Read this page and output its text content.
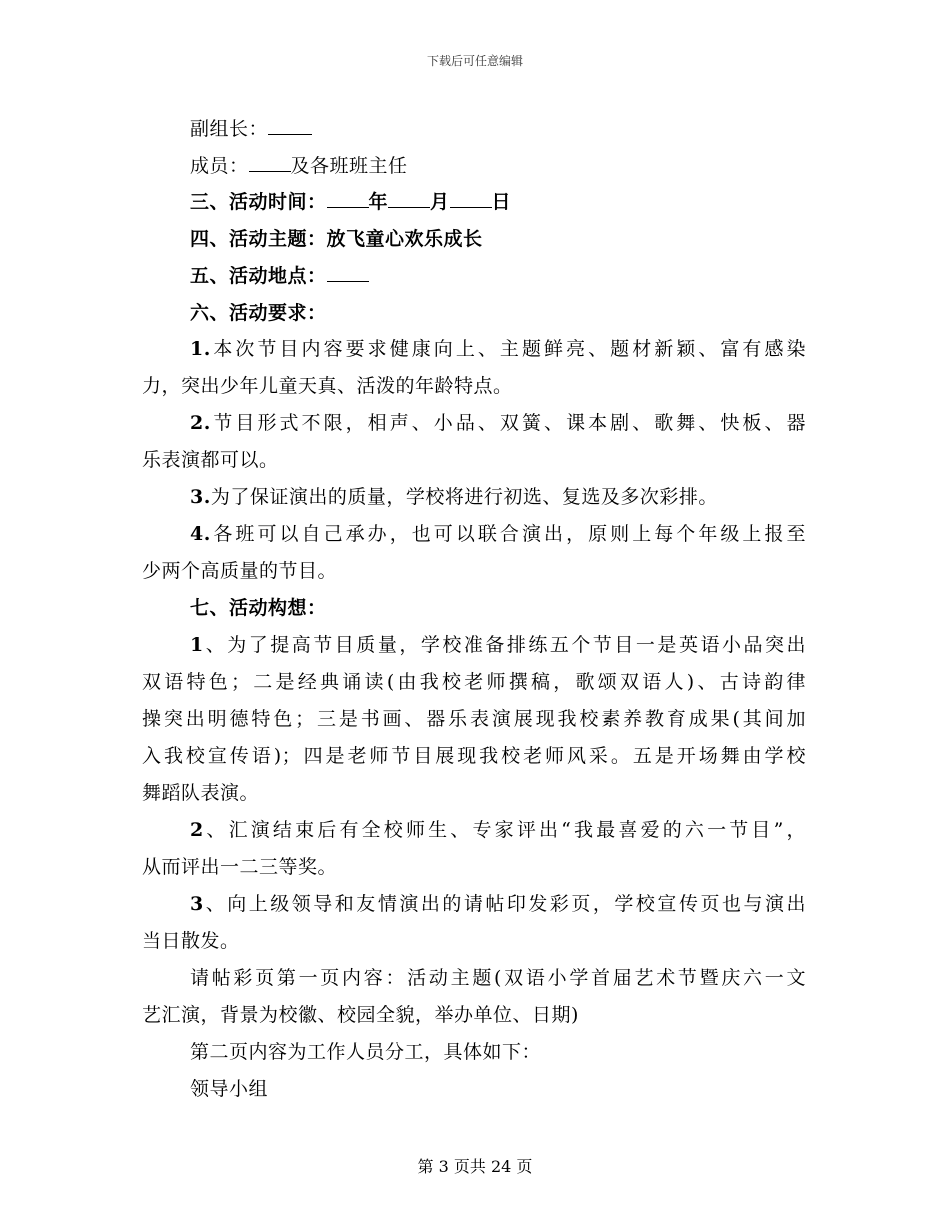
下载后可任意编辑
副组长：
成员： 及各班班主任
三、活动时间： 年 月 日
四、活动主题：放飞童心欢乐成长
五、活动地点：
六、活动要求：
1.本次节目内容要求健康向上、主题鲜亮、题材新颖、富有感染
力，突出少年儿童天真、活泼的年龄特点。
2.节目形式不限，相声、小品、双簧、课本剧、歌舞、快板、器
乐表演都可以。
3.为了保证演出的质量，学校将进行初选、复选及多次彩排。
4.各班可以自己承办，也可以联合演出，原则上每个年级上报至
少两个高质量的节目。
七、活动构想：
1、为了提高节目质量，学校准备排练五个节目一是英语小品突出
双语特色；二是经典诵读(由我校老师撰稿，歌颂双语人)、古诗韵律
操突出明德特色；三是书画、器乐表演展现我校素养教育成果(其间加
入我校宣传语)；四是老师节目展现我校老师风采。五是开场舞由学校
舞蹈队表演。
2、汇演结束后有全校师生、专家评出“我最喜爱的六一节目”，
从而评出一二三等奖。
3、向上级领导和友情演出的请帖印发彩页，学校宣传页也与演出
当日散发。
请帖彩页第一页内容：活动主题(双语小学首届艺术节暨庆六一文
艺汇演，背景为校徽、校园全貌，举办单位、日期)
第二页内容为工作人员分工，具体如下：
领导小组
第 3 页共 24 页
